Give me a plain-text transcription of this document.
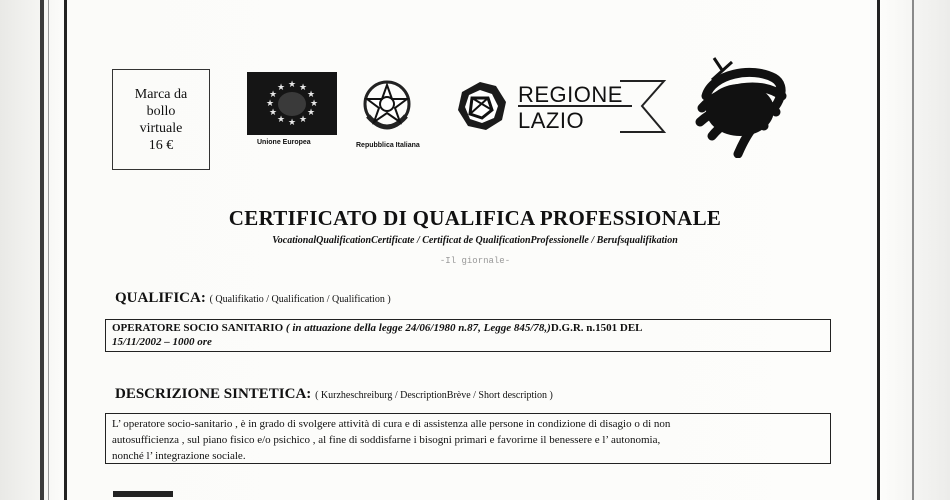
Marca da
bollo
virtuale
16 €
★ ★
★
★
★
★
★
★
★
★
★
★
Unione Europea	Repubblica Italiana
REGIONE
LAZIO
CERTIFICATO DI QUALIFICA PROFESSIONALE
VocationalQualificationCertificate / Certificat de QualificationProfessionelle / Berufsqualifikation
-Il giornale-
QUALIFICA: ( Qualifikatio / Qualification / Qualification )
OPERATORE SOCIO SANITARIO ( in attuazione della legge 24/06/1980 n.87, Legge 845/78,)D.G.R. n.1501 DEL
15/11/2002 – 1000 ore
DESCRIZIONE SINTETICA: ( Kurzheschreiburg / DescriptionBrève / Short description )
L’ operatore socio-sanitario , è in grado di svolgere attività di cura e di assistenza alle persone in condizione di disagio o di non
autosufficienza , sul piano fisico e/o psichico , al fine di soddisfarne i bisogni primari e favorirne il benessere e l’ autonomia,
nonché l’ integrazione sociale.
